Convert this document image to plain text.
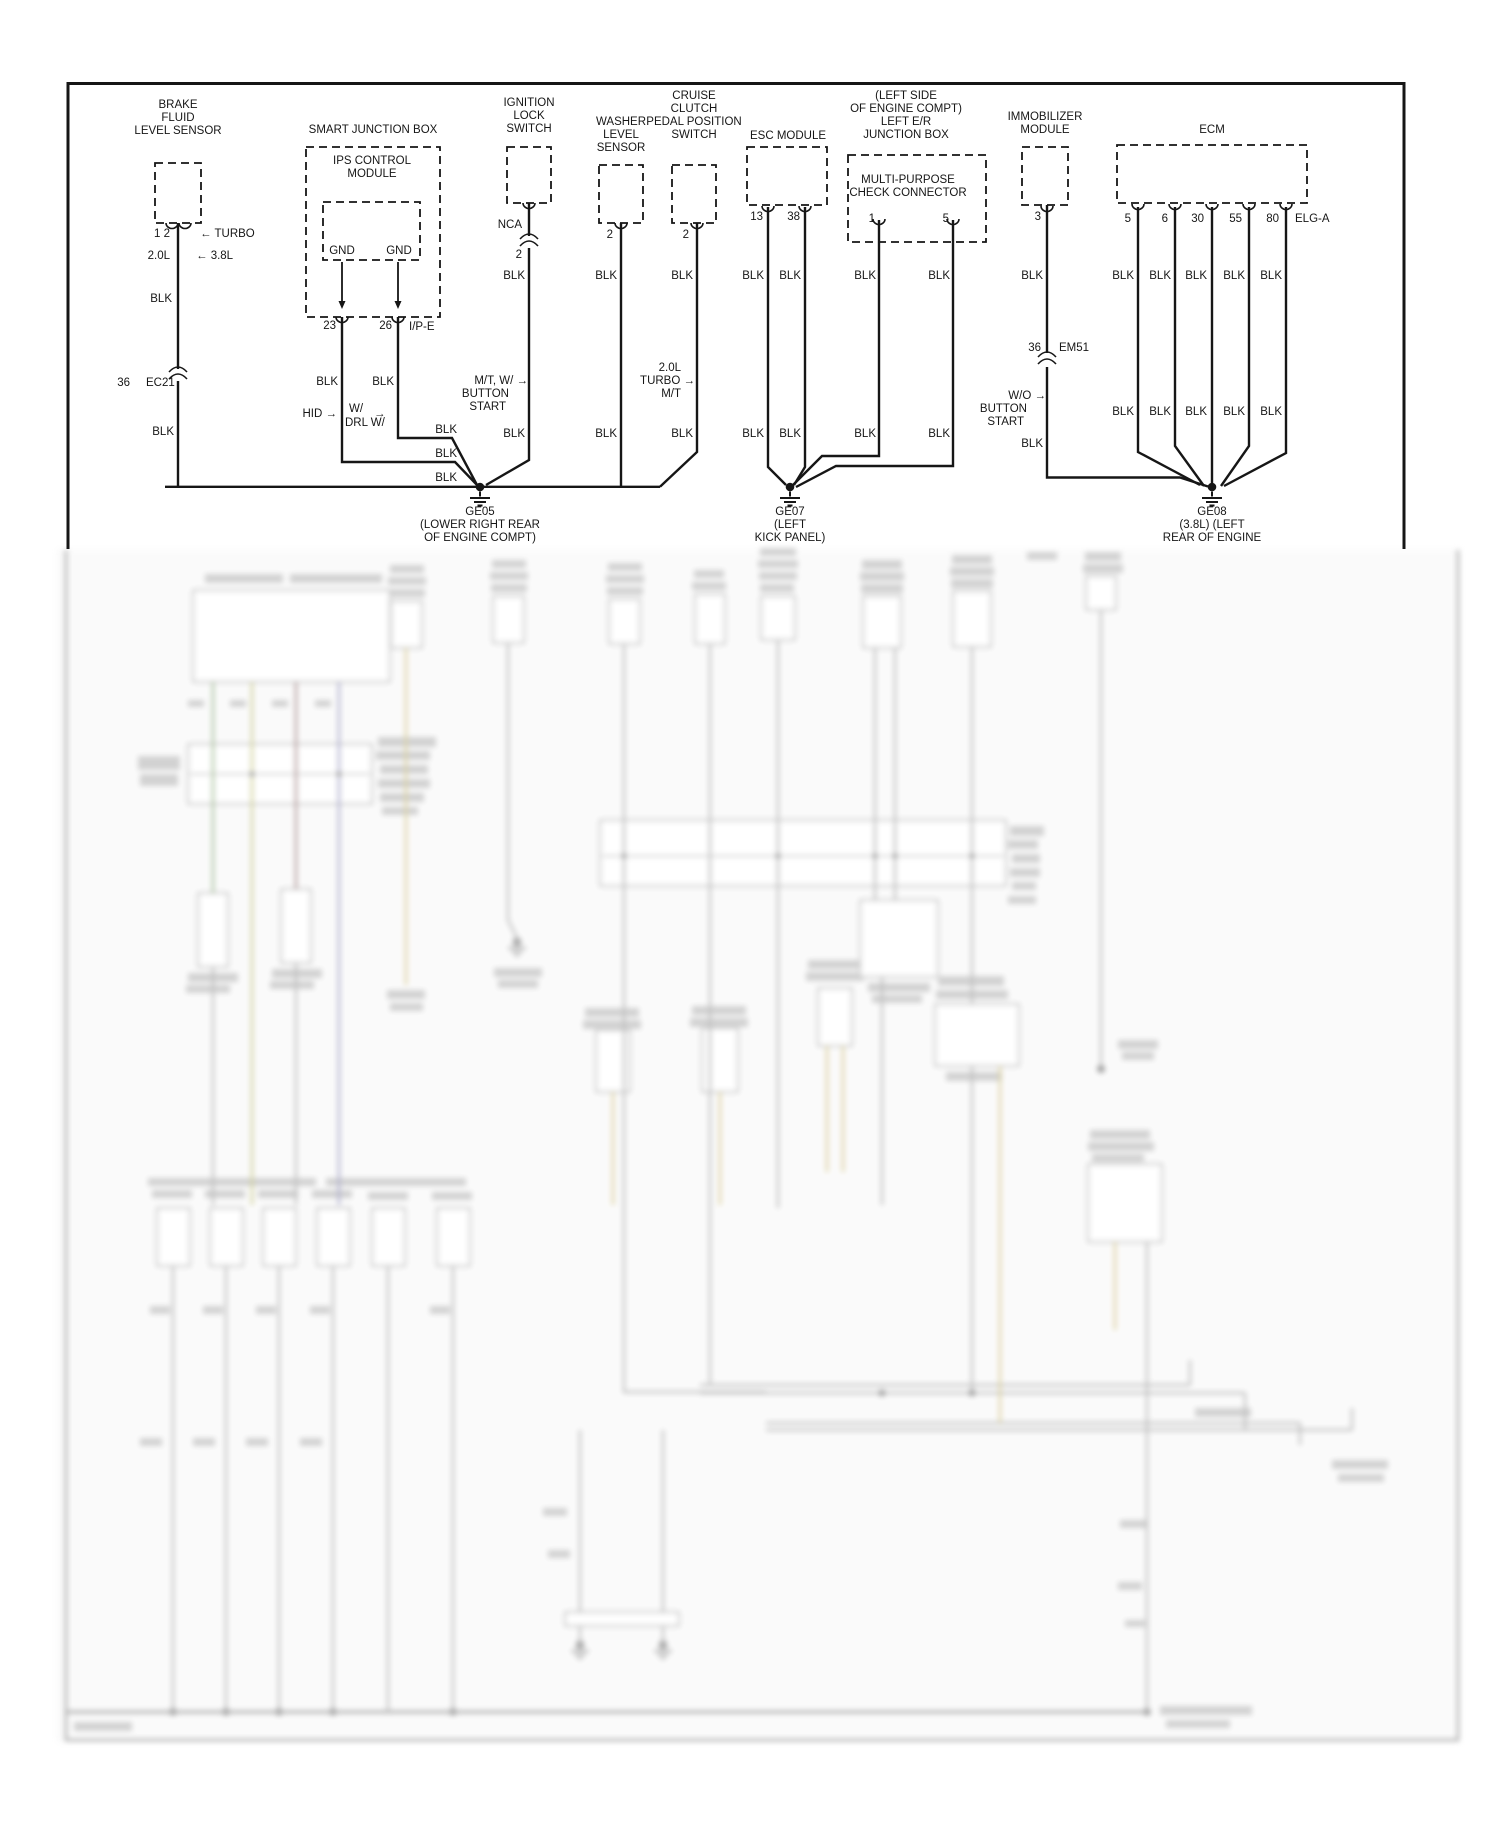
BRAKE
FLUID
LEVEL SENSOR
1 2	← TURBO
2.0L ← 3.8L
BLK
36 EC21
BLK
SMART JUNCTION BOX
IPS CONTROL
MODULE
GND	GND
23	26 I/P-E
BLK	BLK
HID → W/
DRL W/
→
IGNITION
LOCK
SWITCH
NCA
2
BLK
M/T, W/ →
BUTTON
START
BLK
WASHER
LEVEL
SENSOR
2
BLK
BLK
CRUISE
CLUTCH
PEDAL POSITION
SWITCH
2
BLK
2.0L
TURBO →
M/T
BLK
ESC MODULE
13 38
BLK BLK
BLK BLK
(LEFT SIDE
OF ENGINE COMPT)
LEFT E/R
JUNCTION BOX
MULTI-PURPOSE
CHECK CONNECTOR
1	5
BLK	BLK
BLK	BLK
IMMOBILIZER
MODULE
3
BLK
36 EM51
W/O →
BUTTON
START
BLK
ECM
5	6 30 55 80 ELG-A
BLK BLK BLK BLK BLK
BLK BLK BLK BLK BLK
BLK
BLK
BLK
GE05
(LOWER RIGHT REAR
OF ENGINE COMPT)
GE07
(LEFT
KICK PANEL)
GE08
(3.8L) (LEFT
REAR OF ENGINE
